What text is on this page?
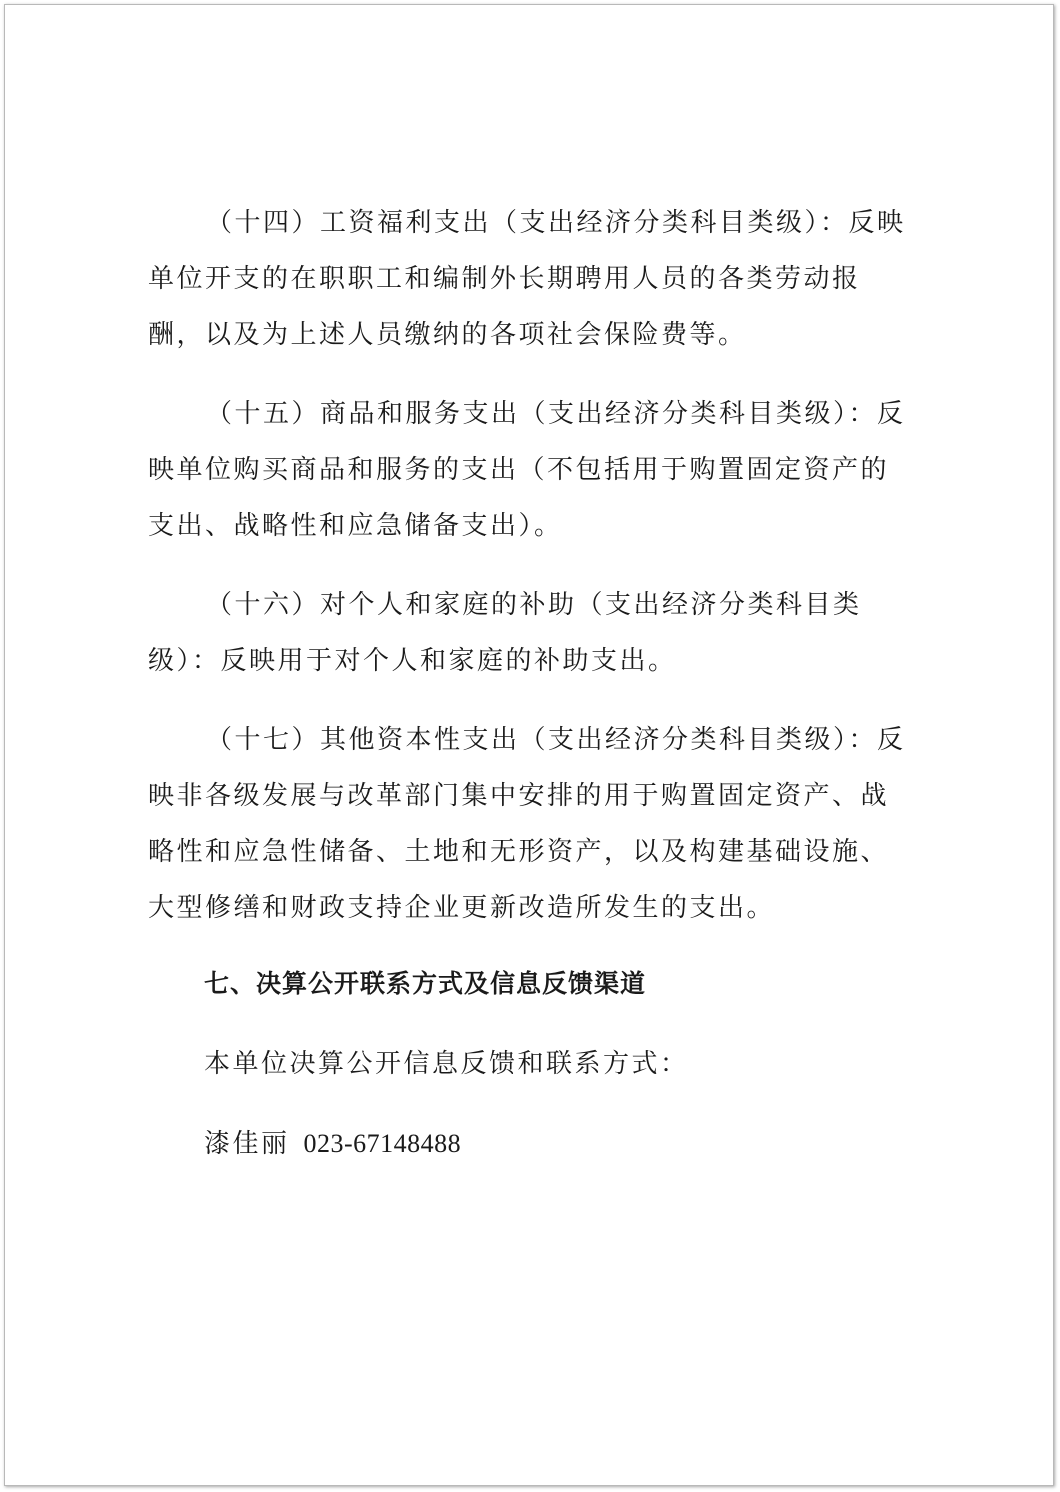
（十四）工资福利支出（支出经济分类科目类级）：反映单位开支的在职职工和编制外长期聘用人员的各类劳动报酬，以及为上述人员缴纳的各项社会保险费等。

（十五）商品和服务支出（支出经济分类科目类级）：反映单位购买商品和服务的支出（不包括用于购置固定资产的支出、战略性和应急储备支出）。

（十六）对个人和家庭的补助（支出经济分类科目类级）：反映用于对个人和家庭的补助支出。

（十七）其他资本性支出（支出经济分类科目类级）：反映非各级发展与改革部门集中安排的用于购置固定资产、战略性和应急性储备、土地和无形资产，以及构建基础设施、大型修缮和财政支持企业更新改造所发生的支出。

七、决算公开联系方式及信息反馈渠道

本单位决算公开信息反馈和联系方式：

漆佳丽 023-67148488
